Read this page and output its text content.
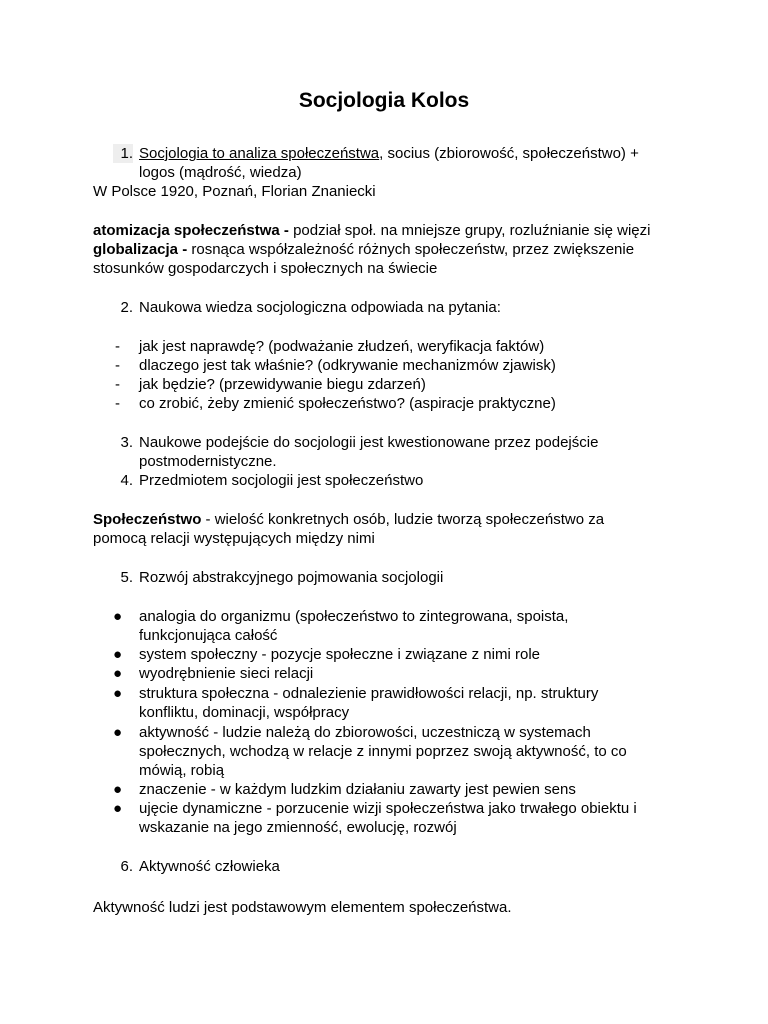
Socjologia Kolos
1. Socjologia to analiza społeczeństwa, socius (zbiorowość, społeczeństwo) +
logos (mądrość, wiedza)
W Polsce 1920, Poznań, Florian Znaniecki
atomizacja społeczeństwa - podział społ. na mniejsze grupy, rozluźnianie się więzi
globalizacja - rosnąca współzależność różnych społeczeństw, przez zwiększenie
stosunków gospodarczych i społecznych na świecie
2. Naukowa wiedza socjologiczna odpowiada na pytania:
- jak jest naprawdę? (podważanie złudzeń, weryfikacja faktów)
- dlaczego jest tak właśnie? (odkrywanie mechanizmów zjawisk)
- jak będzie? (przewidywanie biegu zdarzeń)
- co zrobić, żeby zmienić społeczeństwo? (aspiracje praktyczne)
3. Naukowe podejście do socjologii jest kwestionowane przez podejście
postmodernistyczne.
4. Przedmiotem socjologii jest społeczeństwo
Społeczeństwo - wielość konkretnych osób, ludzie tworzą społeczeństwo za
pomocą relacji występujących między nimi
5. Rozwój abstrakcyjnego pojmowania socjologii
● analogia do organizmu (społeczeństwo to zintegrowana, spoista,
funkcjonująca całość
● system społeczny - pozycje społeczne i związane z nimi role
● wyodrębnienie sieci relacji
● struktura społeczna - odnalezienie prawidłowości relacji, np. struktury
konfliktu, dominacji, współpracy
● aktywność - ludzie należą do zbiorowości, uczestniczą w systemach
społecznych, wchodzą w relacje z innymi poprzez swoją aktywność, to co
mówią, robią
● znaczenie - w każdym ludzkim działaniu zawarty jest pewien sens
● ujęcie dynamiczne - porzucenie wizji społeczeństwa jako trwałego obiektu i
wskazanie na jego zmienność, ewolucję, rozwój
6. Aktywność człowieka
Aktywność ludzi jest podstawowym elementem społeczeństwa.
